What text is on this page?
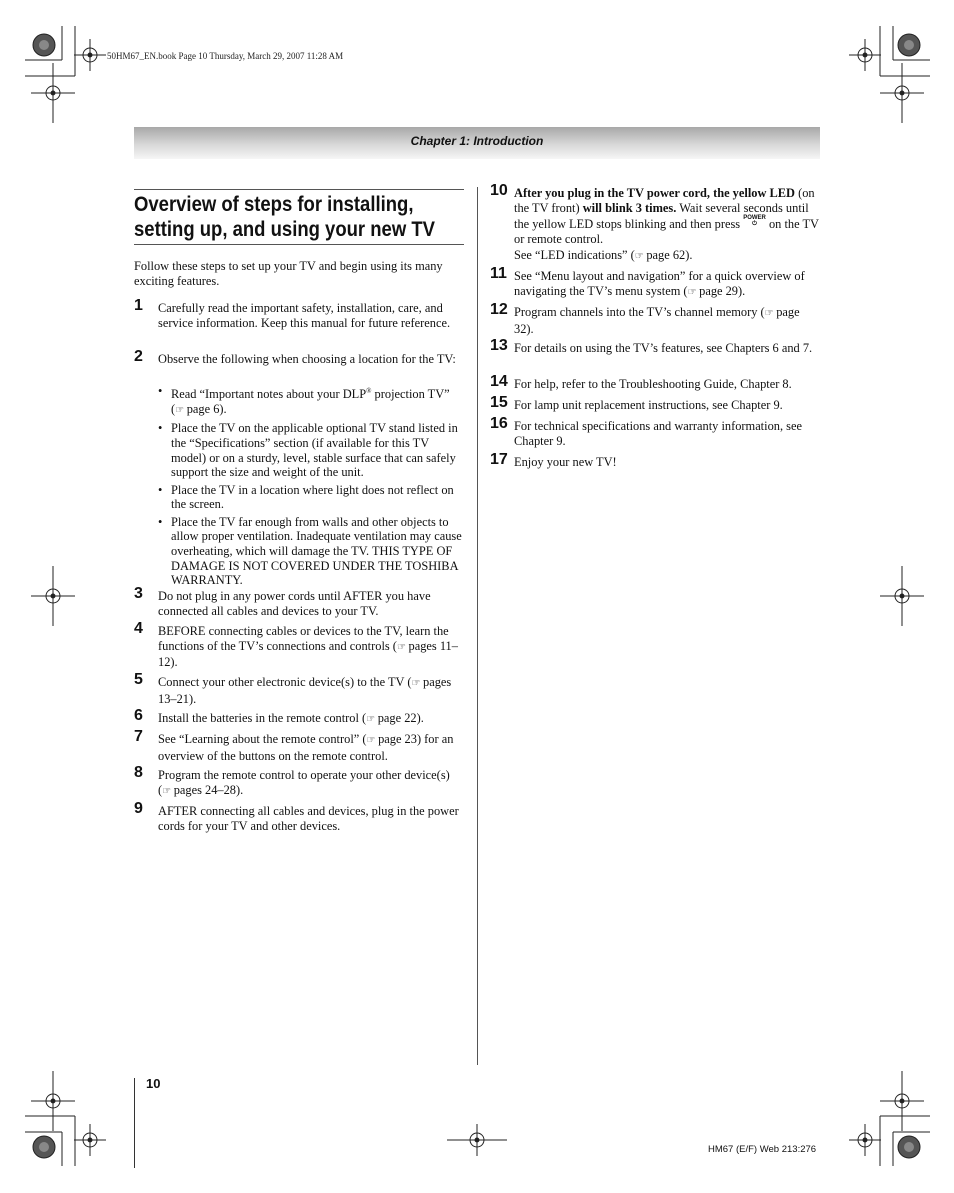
50HM67_EN.book Page 10 Thursday, March 29, 2007 11:28 AM
Chapter 1: Introduction
Overview of steps for installing,
setting up, and using your new TV
Follow these steps to set up your TV and begin using its many exciting features.
1 Carefully read the important safety, installation, care, and service information. Keep this manual for future reference.
2 Observe the following when choosing a location for the TV:
• Read “Important notes about your DLP® projection TV” (☞ page 6).
• Place the TV on the applicable optional TV stand listed in the “Specifications” section (if available for this TV model) or on a sturdy, level, stable surface that can safely support the size and weight of the unit.
• Place the TV in a location where light does not reflect on the screen.
• Place the TV far enough from walls and other objects to allow proper ventilation. Inadequate ventilation may cause overheating, which will damage the TV. THIS TYPE OF DAMAGE IS NOT COVERED UNDER THE TOSHIBA WARRANTY.
3 Do not plug in any power cords until AFTER you have connected all cables and devices to your TV.
4 BEFORE connecting cables or devices to the TV, learn the functions of the TV’s connections and controls (☞ pages 11–12).
5 Connect your other electronic device(s) to the TV (☞ pages 13–21).
6 Install the batteries in the remote control (☞ page 22).
7 See “Learning about the remote control” (☞ page 23) for an overview of the buttons on the remote control.
8 Program the remote control to operate your other device(s) (☞ pages 24–28).
9 AFTER connecting all cables and devices, plug in the power cords for your TV and other devices.
10 After you plug in the TV power cord, the yellow LED (on the TV front) will blink 3 times. Wait several seconds until the yellow LED stops blinking and then press POWER
⏻ on the TV or remote control.
See “LED indications” (☞ page 62).
11 See “Menu layout and navigation” for a quick overview of navigating the TV’s menu system (☞ page 29).
12 Program channels into the TV’s channel memory (☞ page 32).
13 For details on using the TV’s features, see Chapters 6 and 7.
14 For help, refer to the Troubleshooting Guide, Chapter 8.
15 For lamp unit replacement instructions, see Chapter 9.
16 For technical specifications and warranty information, see Chapter 9.
17 Enjoy your new TV!
10
HM67 (E/F) Web 213:276
